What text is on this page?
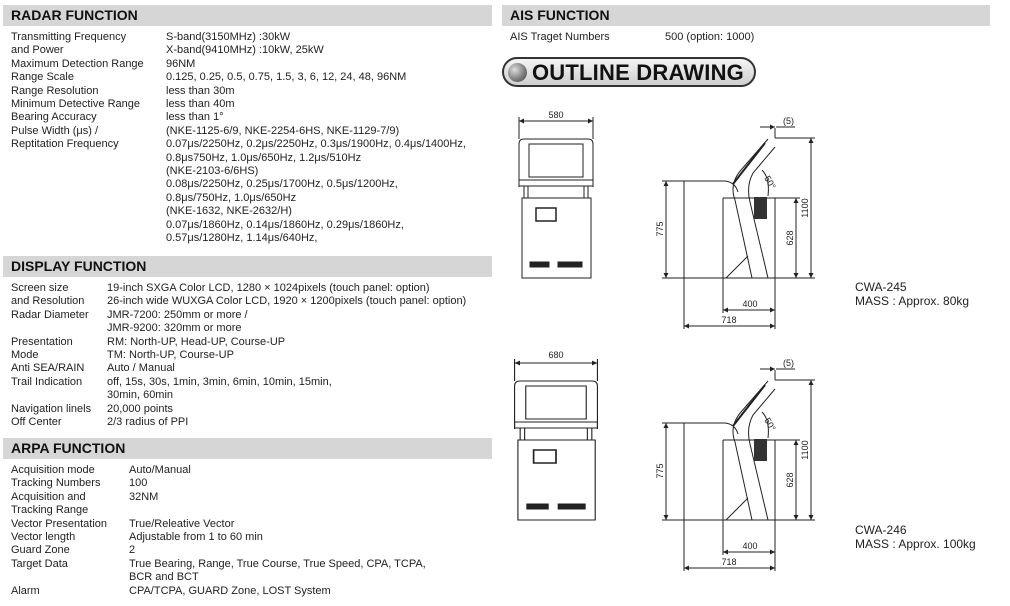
RADAR FUNCTION
Transmitting Frequency	S-band(3150MHz) :30kW
and Power	X-band(9410MHz) :10kW, 25kW
Maximum Detection Range	96NM
Range Scale	0.125, 0.25, 0.5, 0.75, 1.5, 3, 6, 12, 24, 48, 96NM
Range Resolution	less than 30m
Minimum Detective Range	less than 40m
Bearing Accuracy	less than 1°
Pulse Width (μs) /	(NKE-1125-6/9, NKE-2254-6HS, NKE-1129-7/9)
Reptitation Frequency	0.07μs/2250Hz, 0.2μs/2250Hz, 0.3μs/1900Hz, 0.4μs/1400Hz,
0.8μs750Hz, 1.0μs/650Hz, 1.2μs/510Hz
(NKE-2103-6/6HS)
0.08μs/2250Hz, 0.25μs/1700Hz, 0.5μs/1200Hz,
0.8μs/750Hz, 1.0μs/650Hz
(NKE-1632, NKE-2632/H)
0.07μs/1860Hz, 0.14μs/1860Hz, 0.29μs/1860Hz,
0.57μs/1280Hz, 1.14μs/640Hz,
DISPLAY FUNCTION
Screen size	19-inch SXGA Color LCD, 1280 × 1024pixels (touch panel: option)
and Resolution	26-inch wide WUXGA Color LCD, 1920 × 1200pixels (touch panel: option)
Radar Diameter	JMR-7200: 250mm or more /
JMR-9200: 320mm or more
Presentation	RM: North-UP, Head-UP, Course-UP
Mode	TM: North-UP, Course-UP
Anti SEA/RAIN	Auto / Manual
Trail Indication	off, 15s, 30s, 1min, 3min, 6min, 10min, 15min,
30min, 60min
Navigation linels	20,000 points
Off Center	2/3 radius of PPI
ARPA FUNCTION
Acquisition mode	Auto/Manual
Tracking Numbers	100
Acquisition and	32NM
Tracking Range
Vector Presentation	True/Releative Vector
Vector length	Adjustable from 1 to 60 min
Guard Zone	2
Target Data	True Bearing, Range, True Course, True Speed, CPA, TCPA,
BCR and BCT
Alarm	CPA/TCPA, GUARD Zone, LOST System
AIS FUNCTION
AIS Traget Numbers	500 (option: 1000)
OUTLINE DRAWING
580
(5)
50°
775
1100
628
400
718
680
(5)
50°
775
1100
628
400
718
CWA-245
MASS : Approx. 80kg
CWA-246
MASS : Approx. 100kg
